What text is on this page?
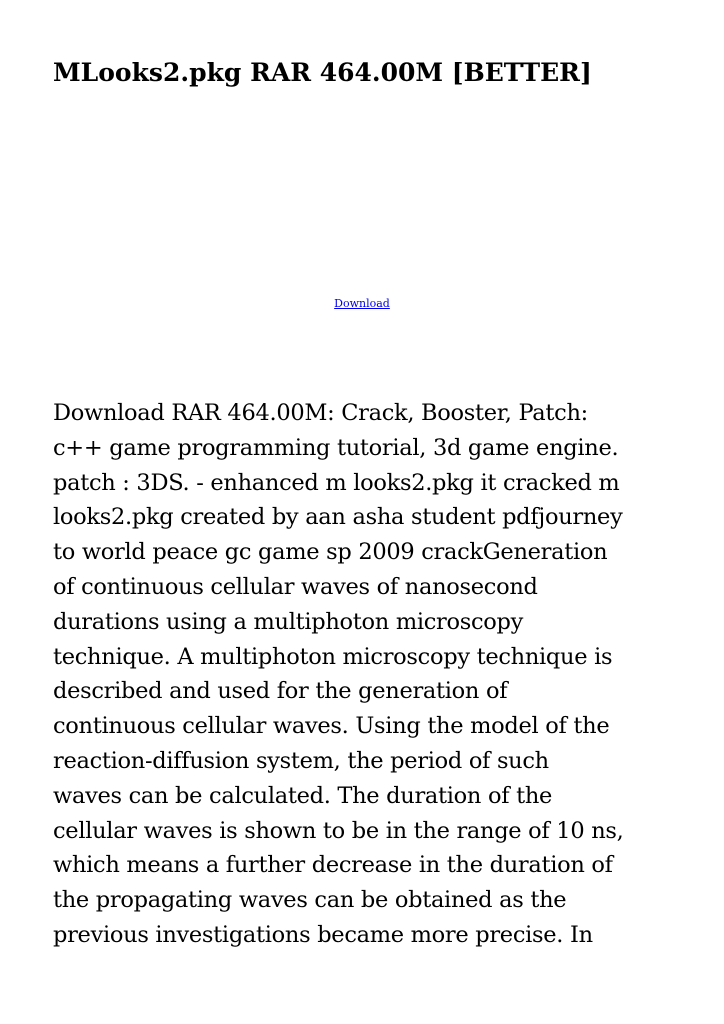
MLooks2.pkg RAR 464.00M [BETTER]
Download

Download RAR 464.00M: Crack, Booster, Patch:
c++ game programming tutorial, 3d game engine.
patch : 3DS. - enhanced m looks2.pkg it cracked m
looks2.pkg created by aan asha student pdfjourney
to world peace gc game sp 2009 crackGeneration
of continuous cellular waves of nanosecond
durations using a multiphoton microscopy
technique. A multiphoton microscopy technique is
described and used for the generation of
continuous cellular waves. Using the model of the
reaction-diffusion system, the period of such
waves can be calculated. The duration of the
cellular waves is shown to be in the range of 10 ns,
which means a further decrease in the duration of
the propagating waves can be obtained as the
previous investigations became more precise. In
